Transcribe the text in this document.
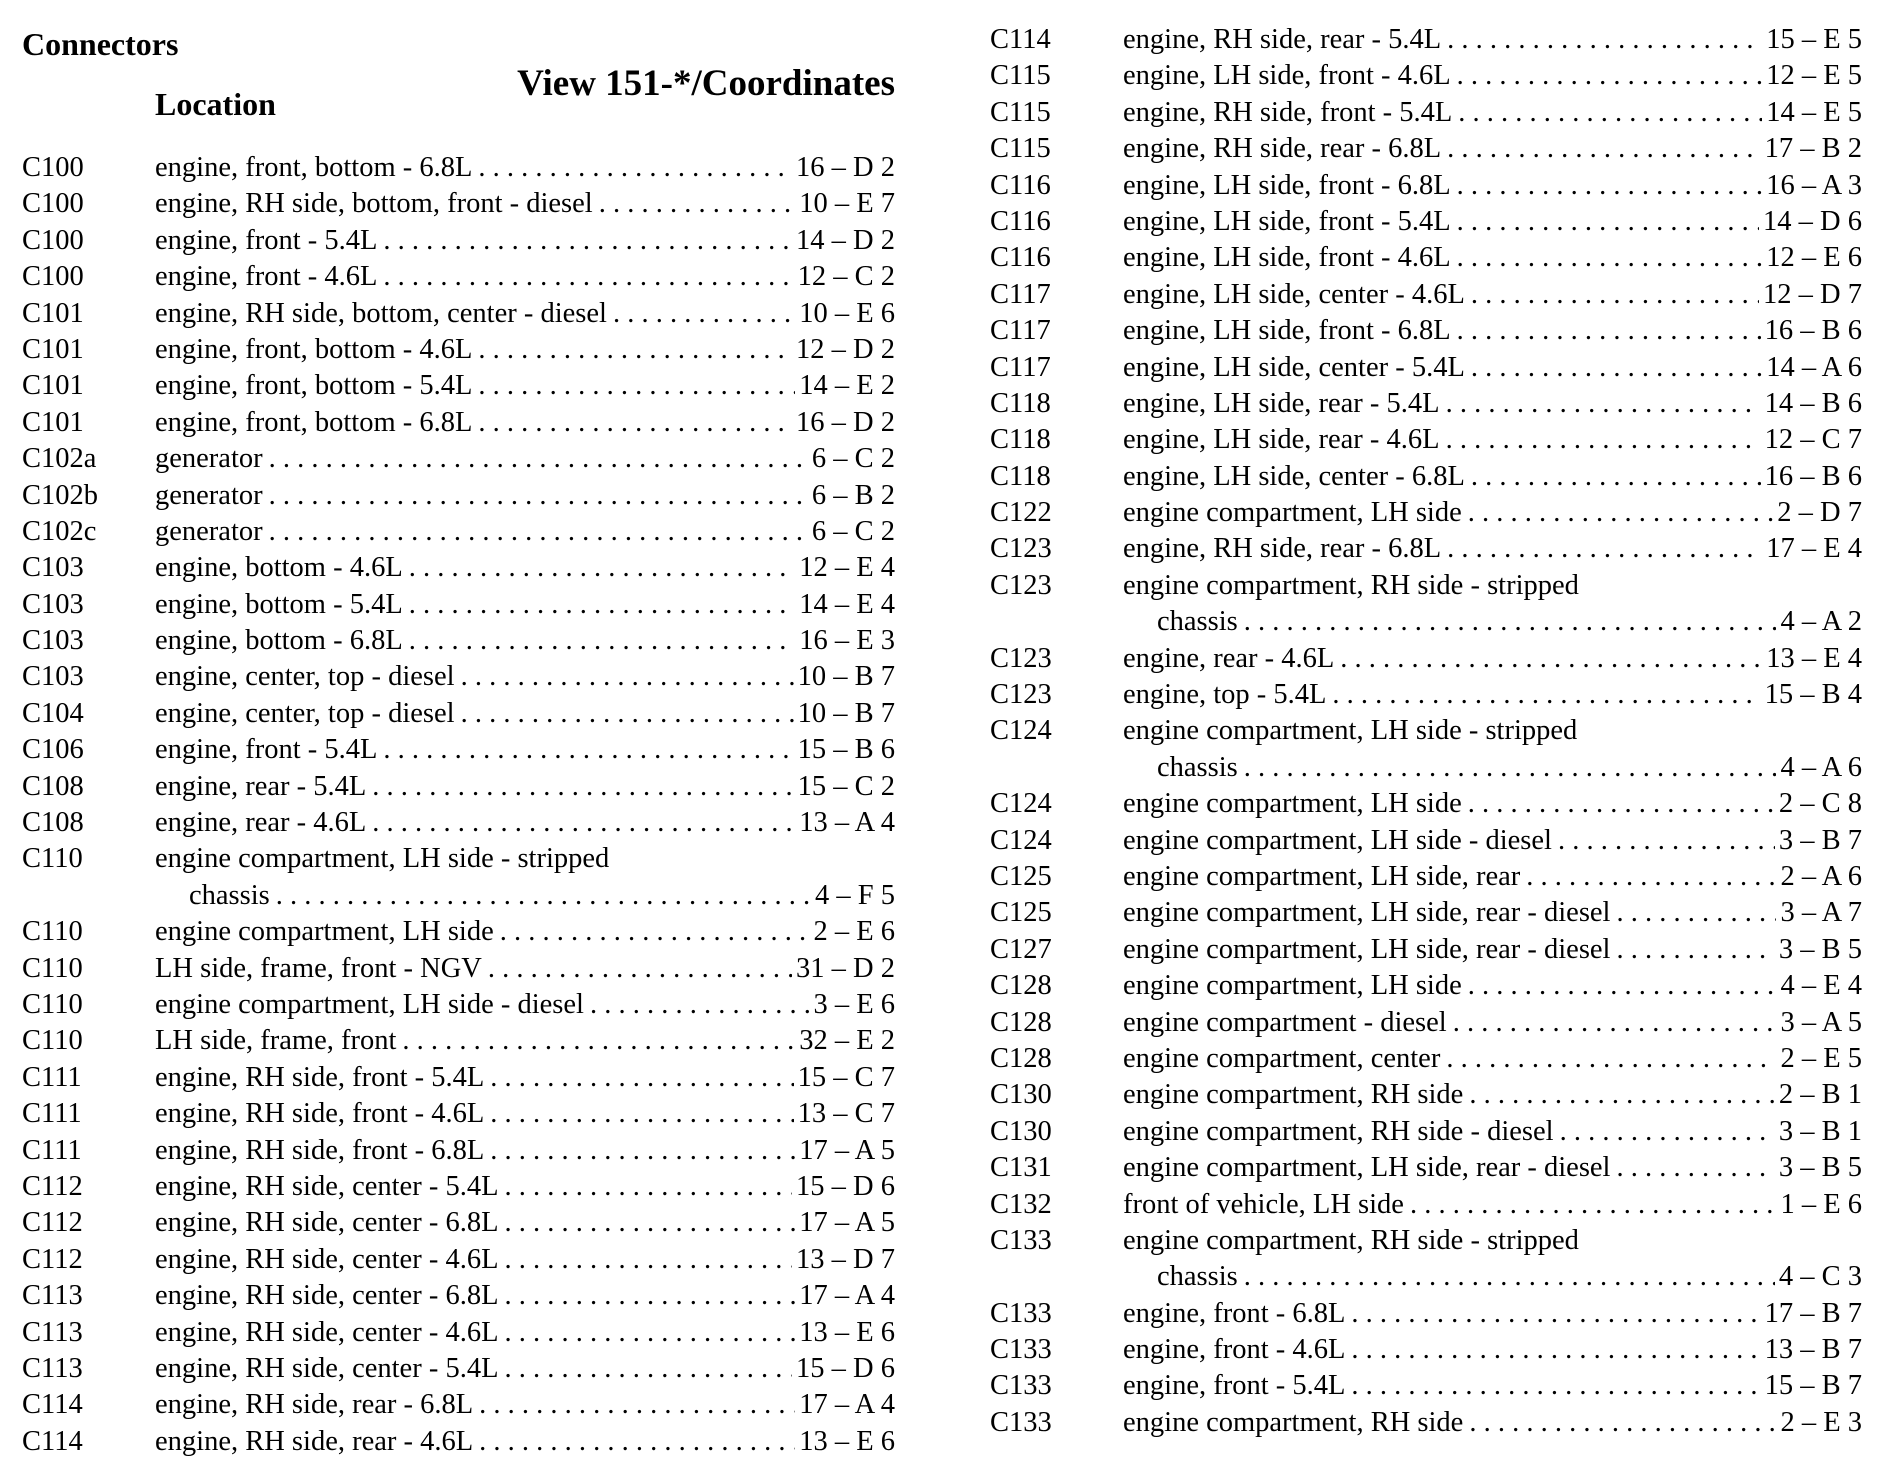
Connectors
Location	View 151-*/Coordinates
C100 engine, front, bottom - 6.8L . . .	16 – D 2
C100 engine, RH side, bottom, front - diesel . . .	10 – E 7
C100 engine, front - 5.4L . . .	14 – D 2
C100 engine, front - 4.6L . . .	12 – C 2
C101 engine, RH side, bottom, center - diesel . . .	10 – E 6
C101 engine, front, bottom - 4.6L . . .	12 – D 2
C101 engine, front, bottom - 5.4L . . .	14 – E 2
C101 engine, front, bottom - 6.8L . . .	16 – D 2
C102a generator . . .	6 – C 2
C102b generator . . .	6 – B 2
C102c generator . . .	6 – C 2
C103 engine, bottom - 4.6L . . .	12 – E 4
C103 engine, bottom - 5.4L . . .	14 – E 4
C103 engine, bottom - 6.8L . . .	16 – E 3
C103 engine, center, top - diesel . . .	10 – B 7
C104 engine, center, top - diesel . . .	10 – B 7
C106 engine, front - 5.4L . . .	15 – B 6
C108 engine, rear - 5.4L . . .	15 – C 2
C108 engine, rear - 4.6L . . .	13 – A 4
C110	engine compartment, LH side - stripped
chassis . . .	4 – F 5
C110	engine compartment, LH side . . .	2 – E 6
C110	LH side, frame, front - NGV . . .	31 – D 2
C110	engine compartment, LH side - diesel . . .	3 – E 6
C110	LH side, frame, front . . .	32 – E 2
C111	engine, RH side, front - 5.4L . . .	15 – C 7
C111	engine, RH side, front - 4.6L . . .	13 – C 7
C111	engine, RH side, front - 6.8L . . .	17 – A 5
C112	engine, RH side, center - 5.4L . . .	15 – D 6
C112	engine, RH side, center - 6.8L . . .	17 – A 5
C112	engine, RH side, center - 4.6L . . .	13 – D 7
C113	engine, RH side, center - 6.8L . . .	17 – A 4
C113	engine, RH side, center - 4.6L . . .	13 – E 6
C113	engine, RH side, center - 5.4L . . .	15 – D 6
C114	engine, RH side, rear - 6.8L . . .	17 – A 4
C114	engine, RH side, rear - 4.6L . . .	13 – E 6
C114	engine, RH side, rear - 5.4L . . .	15 – E 5
C115	engine, LH side, front - 4.6L . . .	12 – E 5
C115	engine, RH side, front - 5.4L . . .	14 – E 5
C115	engine, RH side, rear - 6.8L . . .	17 – B 2
C116	engine, LH side, front - 6.8L . . .	16 – A 3
C116	engine, LH side, front - 5.4L . . .	14 – D 6
C116	engine, LH side, front - 4.6L . . .	12 – E 6
C117	engine, LH side, center - 4.6L . . .	12 – D 7
C117	engine, LH side, front - 6.8L . . .	16 – B 6
C117	engine, LH side, center - 5.4L . . .	14 – A 6
C118	engine, LH side, rear - 5.4L . . .	14 – B 6
C118	engine, LH side, rear - 4.6L . . .	12 – C 7
C118	engine, LH side, center - 6.8L . . .	16 – B 6
C122 engine compartment, LH side . . .	2 – D 7
C123 engine, RH side, rear - 6.8L . . .	17 – E 4
C123 engine compartment, RH side - stripped
chassis . . .	4 – A 2
C123 engine, rear - 4.6L . . .	13 – E 4
C123 engine, top - 5.4L . . .	15 – B 4
C124 engine compartment, LH side - stripped
chassis . . .	4 – A 6
C124 engine compartment, LH side . . .	2 – C 8
C124 engine compartment, LH side - diesel . . .	3 – B 7
C125 engine compartment, LH side, rear . . .	2 – A 6
C125 engine compartment, LH side, rear - diesel . . .	3 – A 7
C127 engine compartment, LH side, rear - diesel . . .	3 – B 5
C128 engine compartment, LH side . . .	4 – E 4
C128 engine compartment - diesel . . .	3 – A 5
C128 engine compartment, center . . .	2 – E 5
C130 engine compartment, RH side . . .	2 – B 1
C130 engine compartment, RH side - diesel . . .	3 – B 1
C131 engine compartment, LH side, rear - diesel . . .	3 – B 5
C132 front of vehicle, LH side . . .	1 – E 6
C133 engine compartment, RH side - stripped
chassis . . .	4 – C 3
C133 engine, front - 6.8L . . .	17 – B 7
C133 engine, front - 4.6L . . .	13 – B 7
C133 engine, front - 5.4L . . .	15 – B 7
C133 engine compartment, RH side . . .	2 – E 3
